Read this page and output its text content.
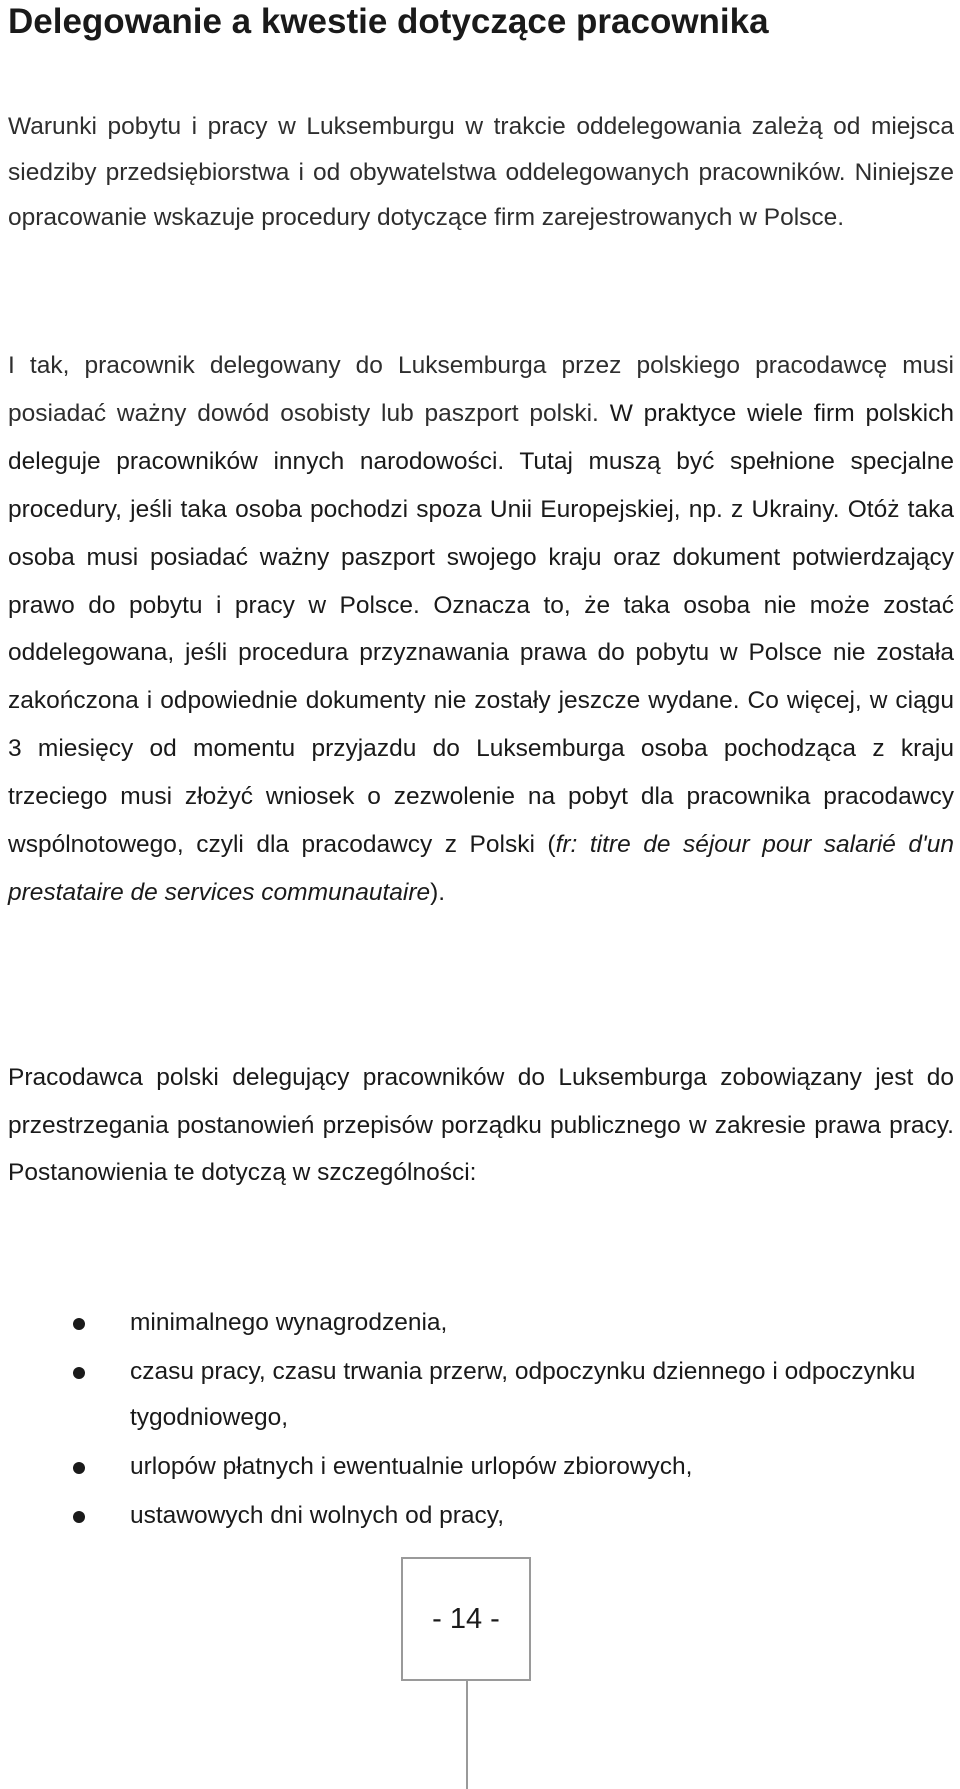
Delegowanie a kwestie dotyczące pracownika

Warunki pobytu i pracy w Luksemburgu w trakcie oddelegowania zależą od miejsca siedziby przedsiębiorstwa i od obywatelstwa oddelegowanych pracowników. Niniejsze opracowanie wskazuje procedury dotyczące firm zarejestrowanych w Polsce.

I tak, pracownik delegowany do Luksemburga przez polskiego pracodawcę musi posiadać ważny dowód osobisty lub paszport polski. W praktyce wiele firm polskich deleguje pracowników innych narodowości. Tutaj muszą być spełnione specjalne procedury, jeśli taka osoba pochodzi spoza Unii Europejskiej, np. z Ukrainy. Otóż taka osoba musi posiadać ważny paszport swojego kraju oraz dokument potwierdzający prawo do pobytu i pracy w Polsce. Oznacza to, że taka osoba nie może zostać oddelegowana, jeśli procedura przyznawania prawa do pobytu w Polsce nie została zakończona i odpowiednie dokumenty nie zostały jeszcze wydane. Co więcej, w ciągu 3 miesięcy od momentu przyjazdu do Luksemburga osoba pochodząca z kraju trzeciego musi złożyć wniosek o zezwolenie na pobyt dla pracownika pracodawcy wspólnotowego, czyli dla pracodawcy z Polski (fr: titre de séjour pour salarié d'un prestataire de services communautaire).

Pracodawca polski delegujący pracowników do Luksemburga zobowiązany jest do przestrzegania postanowień przepisów porządku publicznego w zakresie prawa pracy. Postanowienia te dotyczą w szczególności:

minimalnego wynagrodzenia,
czasu pracy, czasu trwania przerw, odpoczynku dziennego i odpoczynku tygodniowego,
urlopów płatnych i ewentualnie urlopów zbiorowych,
ustawowych dni wolnych od pracy,
- 14 -
